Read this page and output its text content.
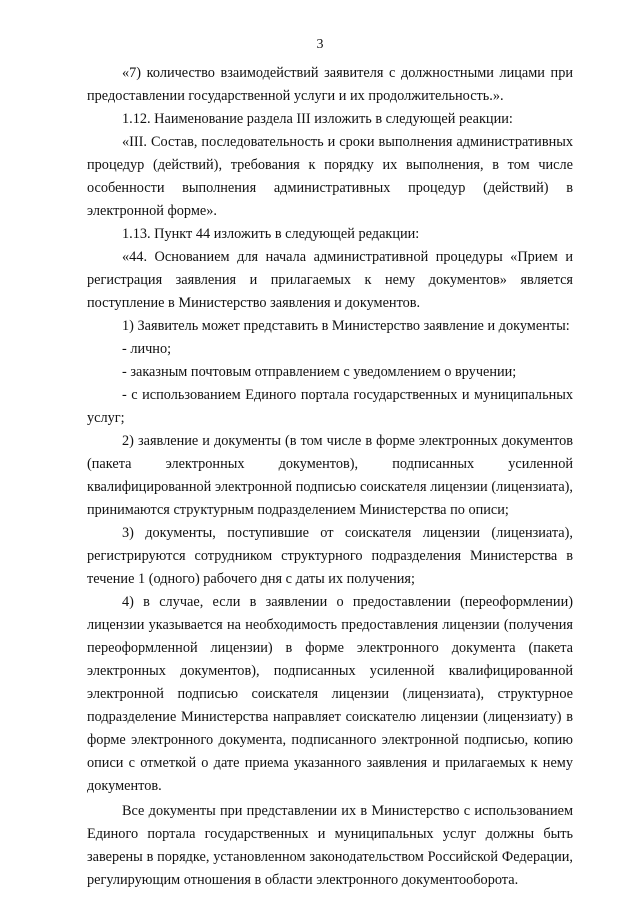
3

«7) количество взаимодействий заявителя с должностными лицами при предоставлении государственной услуги и их продолжительность.».

1.12. Наименование раздела III изложить в следующей реакции:

«III. Состав, последовательность и сроки выполнения административных процедур (действий), требования к порядку их выполнения, в том числе особенности выполнения административных процедур (действий) в электронной форме».

1.13. Пункт 44 изложить в следующей редакции:

«44. Основанием для начала административной процедуры «Прием и регистрация заявления и прилагаемых к нему документов» является поступление в Министерство заявления и документов.

1) Заявитель может представить в Министерство заявление и документы:

- лично;

- заказным почтовым отправлением с уведомлением о вручении;

- с использованием Единого портала государственных и муниципальных услуг;

2) заявление и документы (в том числе в форме электронных документов (пакета электронных документов), подписанных усиленной квалифицированной электронной подписью соискателя лицензии (лицензиата), принимаются структурным подразделением Министерства по описи;

3) документы, поступившие от соискателя лицензии (лицензиата), регистрируются сотрудником структурного подразделения Министерства в течение 1 (одного) рабочего дня с даты их получения;

4) в случае, если в заявлении о предоставлении (переоформлении) лицензии указывается на необходимость предоставления лицензии (получения переоформленной лицензии) в форме электронного документа (пакета электронных документов), подписанных усиленной квалифицированной электронной подписью соискателя лицензии (лицензиата), структурное подразделение Министерства направляет соискателю лицензии (лицензиату) в форме электронного документа, подписанного электронной подписью, копию описи с отметкой о дате приема указанного заявления и прилагаемых к нему документов.

Все документы при представлении их в Министерство с использованием Единого портала государственных и муниципальных услуг должны быть заверены в порядке, установленном законодательством Российской Федерации, регулирующим отношения в области электронного документооборота.
